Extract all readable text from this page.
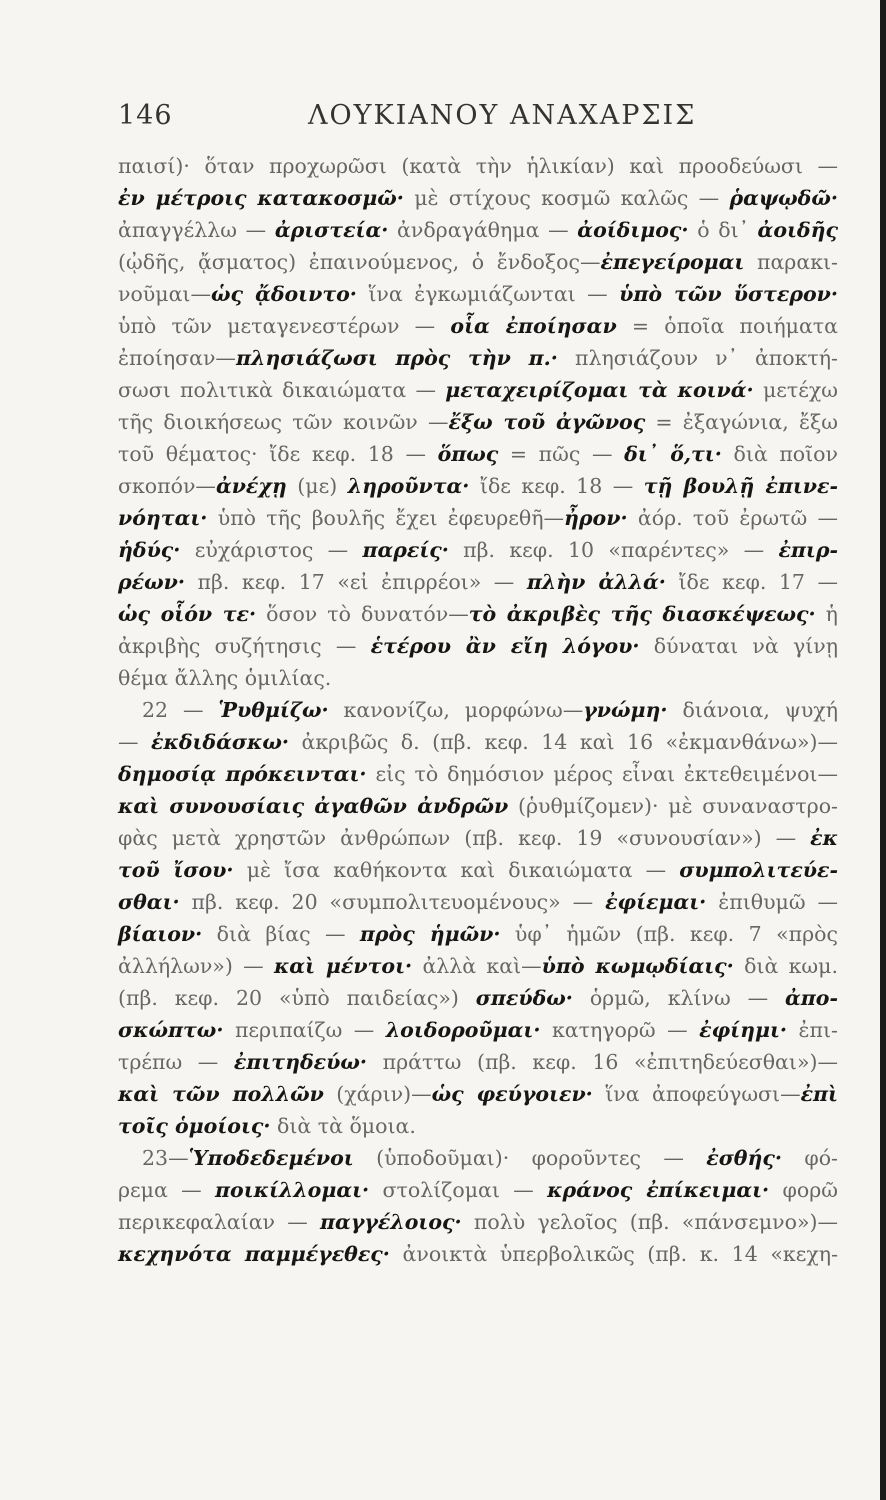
146	ΛΟΥΚΙΑΝΟΥ ΑΝΑΧΑΡΣΙΣ
παισί)· ὅταν προχωρῶσι (κατὰ τὴν ἡλικίαν) καὶ προοδεύωσι —
ἐν μέτροις κατακοσμῶ· μὲ στίχους κοσμῶ καλῶς — ῥαψῳδῶ·
ἀπαγγέλλω — ἀριστεία· ἀνδραγάθημα — ἀοίδιμος· ὁ δι᾽ ἀοιδῆς
(ᾠδῆς, ᾄσματος) ἐπαινούμενος, ὁ ἔνδοξος—ἐπεγείρομαι παρακι-
νοῦμαι—ὡς ᾄδοιντο· ἵνα ἐγκωμιάζωνται — ὑπὸ τῶν ὕστερον·
ὑπὸ τῶν μεταγενεστέρων — οἷα ἐποίησαν = ὁποῖα ποιήματα
ἐποίησαν—πλησιάζωσι πρὸς τὴν π.· πλησιάζουν ν᾽ ἀποκτή-
σωσι πολιτικὰ δικαιώματα — μεταχειρίζομαι τὰ κοινά· μετέχω
τῆς διοικήσεως τῶν κοινῶν —ἔξω τοῦ ἀγῶνος = ἐξαγώνια, ἔξω
τοῦ θέματος· ἴδε κεφ. 18 — ὅπως = πῶς — δι᾽ ὅ,τι· διὰ ποῖον
σκοπόν—ἀνέχῃ (με) ληροῦντα· ἴδε κεφ. 18 — τῇ βουλῇ ἐπινε-
νόηται· ὑπὸ τῆς βουλῆς ἔχει ἐφευρεθῆ—ἦρον· ἀόρ. τοῦ ἐρωτῶ —
ἡδύς· εὐχάριστος — παρείς· πβ. κεφ. 10 «παρέντες» — ἐπιρ-
ρέων· πβ. κεφ. 17 «εἰ ἐπιρρέοι» — πλὴν ἀλλά· ἴδε κεφ. 17 —
ὡς οἷόν τε· ὅσον τὸ δυνατόν—τὸ ἀκριβὲς τῆς διασκέψεως· ἡ
ἀκριβὴς συζήτησις — ἑτέρου ἂν εἴη λόγου· δύναται νὰ γίνῃ
θέμα ἄλλης ὁμιλίας.
22 — Ῥυθμίζω· κανονίζω, μορφώνω—γνώμη· διάνοια, ψυχή
— ἐκδιδάσκω· ἀκριβῶς δ. (πβ. κεφ. 14 καὶ 16 «ἐκμανθάνω»)—
δημοσίᾳ πρόκεινται· εἰς τὸ δημόσιον μέρος εἶναι ἐκτεθειμένοι—
καὶ συνουσίαις ἀγαθῶν ἀνδρῶν (ῥυθμίζομεν)· μὲ συναναστρο-
φὰς μετὰ χρηστῶν ἀνθρώπων (πβ. κεφ. 19 «συνουσίαν») — ἐκ
τοῦ ἴσου· μὲ ἴσα καθήκοντα καὶ δικαιώματα — συμπολιτεύε-
σθαι· πβ. κεφ. 20 «συμπολιτευομένους» — ἐφίεμαι· ἐπιθυμῶ —
βίαιον· διὰ βίας — πρὸς ἡμῶν· ὑφ᾽ ἡμῶν (πβ. κεφ. 7 «πρὸς
ἀλλήλων») — καὶ μέντοι· ἀλλὰ καὶ—ὑπὸ κωμῳδίαις· διὰ κωμ.
(πβ. κεφ. 20 «ὑπὸ παιδείας») σπεύδω· ὁρμῶ, κλίνω — ἀπο-
σκώπτω· περιπαίζω — λοιδοροῦμαι· κατηγορῶ — ἐφίημι· ἐπι-
τρέπω — ἐπιτηδεύω· πράττω (πβ. κεφ. 16 «ἐπιτηδεύεσθαι»)—
καὶ τῶν πολλῶν (χάριν)—ὡς φεύγοιεν· ἵνα ἀποφεύγωσι—ἐπὶ
τοῖς ὁμοίοις· διὰ τὰ ὅμοια.
23—Ὑποδεδεμένοι (ὑποδοῦμαι)· φοροῦντες — ἐσθής· φό-
ρεμα — ποικίλλομαι· στολίζομαι — κράνος ἐπίκειμαι· φορῶ
περικεφαλαίαν — παγγέλοιος· πολὺ γελοῖος (πβ. «πάνσεμνο»)—
κεχηνότα παμμέγεθες· ἀνοικτὰ ὑπερβολικῶς (πβ. κ. 14 «κεχη-
